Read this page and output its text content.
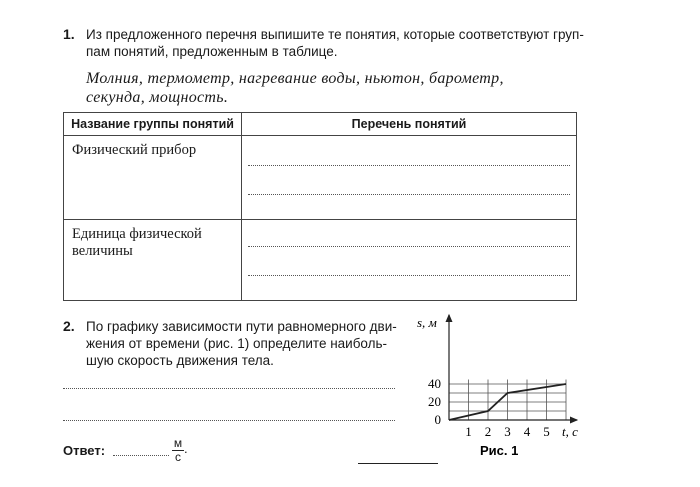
1. Из предложенного перечня выпишите те понятия, которые соответствуют груп-
пам понятий, предложенным в таблице.
Молния, термометр, нагревание воды, ньютон, барометр,
секунда, мощность.
Название группы понятий	Перечень понятий

Физический прибор	

Единица физической
величины	

2. По графику зависимости пути равномерного дви-
жения от времени (рис. 1) определите наиболь-
шую скорость движения тела.
Ответ:	м
с
.
0
20
40
1 2 3 4 5
s, м
t, с
Рис. 1
